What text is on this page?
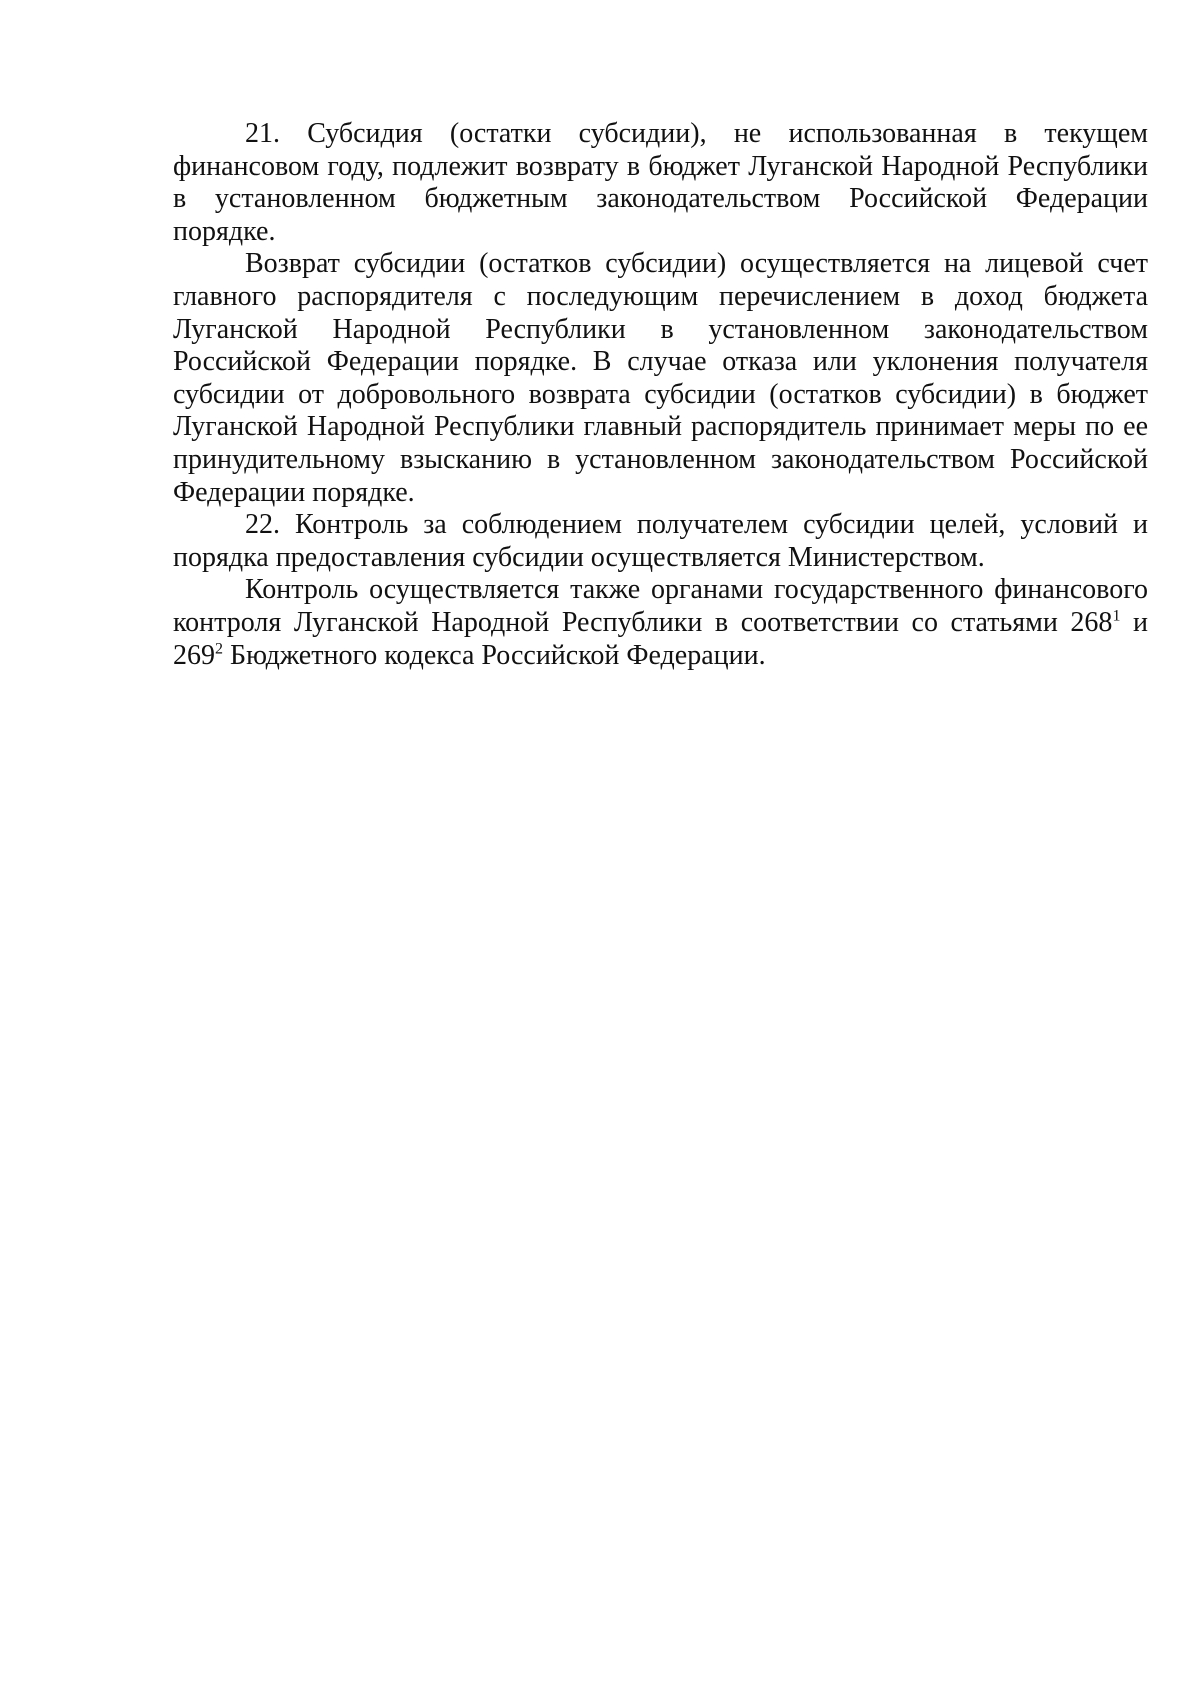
21. Субсидия (остатки субсидии), не использованная в текущем финансовом году, подлежит возврату в бюджет Луганской Народной Республики в установленном бюджетным законодательством Российской Федерации порядке.

Возврат субсидии (остатков субсидии) осуществляется на лицевой счет главного распорядителя с последующим перечислением в доход бюджета Луганской Народной Республики в установленном законодательством Российской Федерации порядке. В случае отказа или уклонения получателя субсидии от добровольного возврата субсидии (остатков субсидии) в бюджет Луганской Народной Республики главный распорядитель принимает меры по ее принудительному взысканию в установленном законодательством Российской Федерации порядке.

22. Контроль за соблюдением получателем субсидии целей, условий и порядка предоставления субсидии осуществляется Министерством.

Контроль осуществляется также органами государственного финансового контроля Луганской Народной Республики в соответствии со статьями $268^1$ и $269^2$ Бюджетного кодекса Российской Федерации.
